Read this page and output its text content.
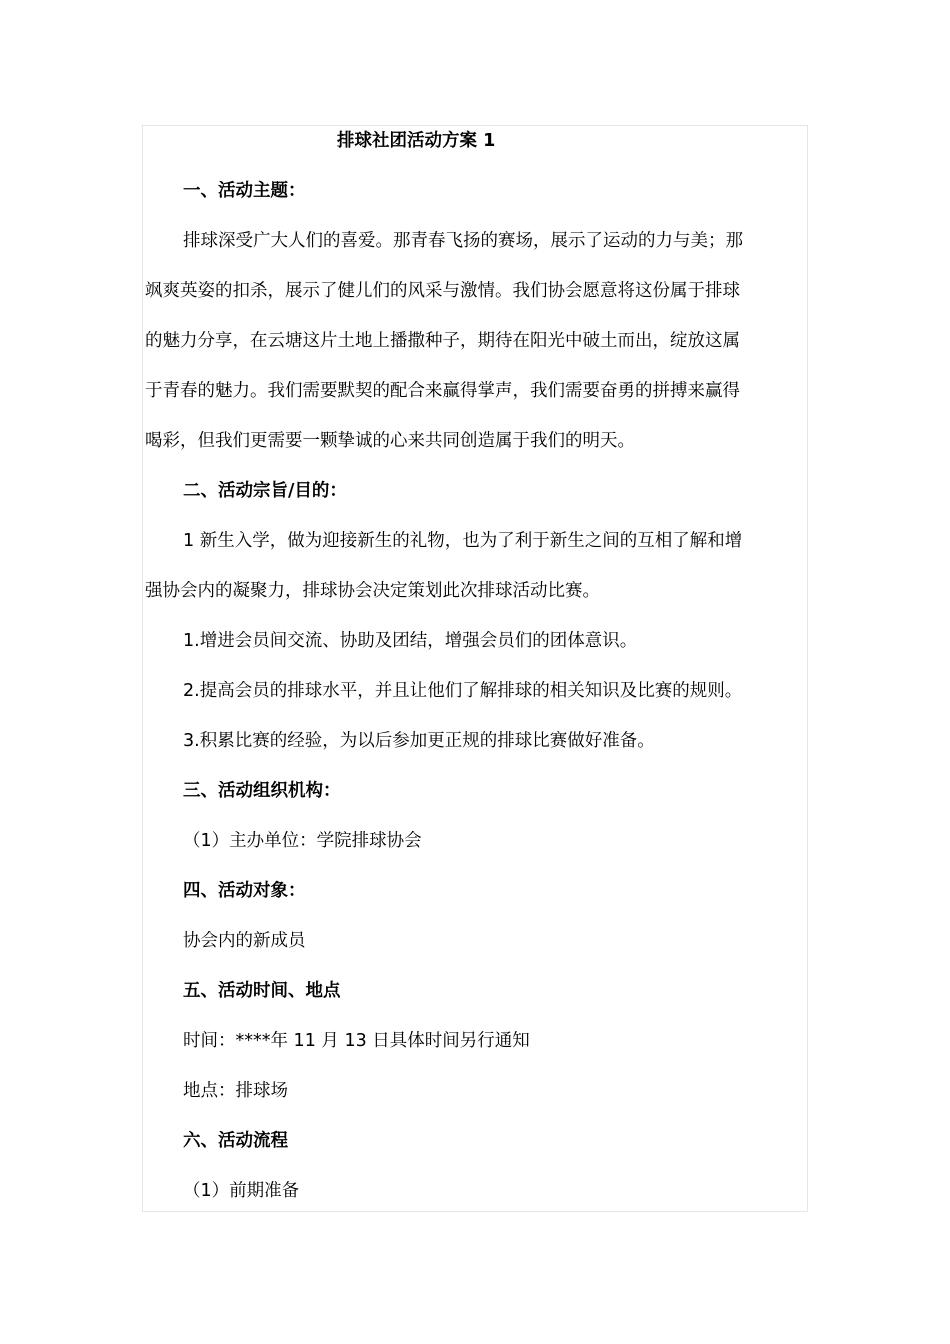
排球社团活动方案 1
一、活动主题：
排球深受广大人们的喜爱。那青春飞扬的赛场，展示了运动的力与美；那
飒爽英姿的扣杀，展示了健儿们的风采与激情。我们协会愿意将这份属于排球
的魅力分享，在云塘这片土地上播撒种子，期待在阳光中破土而出，绽放这属
于青春的魅力。我们需要默契的配合来赢得掌声，我们需要奋勇的拼搏来赢得
喝彩，但我们更需要一颗挚诚的心来共同创造属于我们的明天。
二、活动宗旨/目的：
1 新生入学，做为迎接新生的礼物，也为了利于新生之间的互相了解和增
强协会内的凝聚力，排球协会决定策划此次排球活动比赛。
1.增进会员间交流、协助及团结，增强会员们的团体意识。
2.提高会员的排球水平，并且让他们了解排球的相关知识及比赛的规则。
3.积累比赛的经验，为以后参加更正规的排球比赛做好准备。
三、活动组织机构：
（1）主办单位：学院排球协会
四、活动对象：
协会内的新成员
五、活动时间、地点
时间：****年 11 月 13 日具体时间另行通知
地点：排球场
六、活动流程
（1）前期准备
